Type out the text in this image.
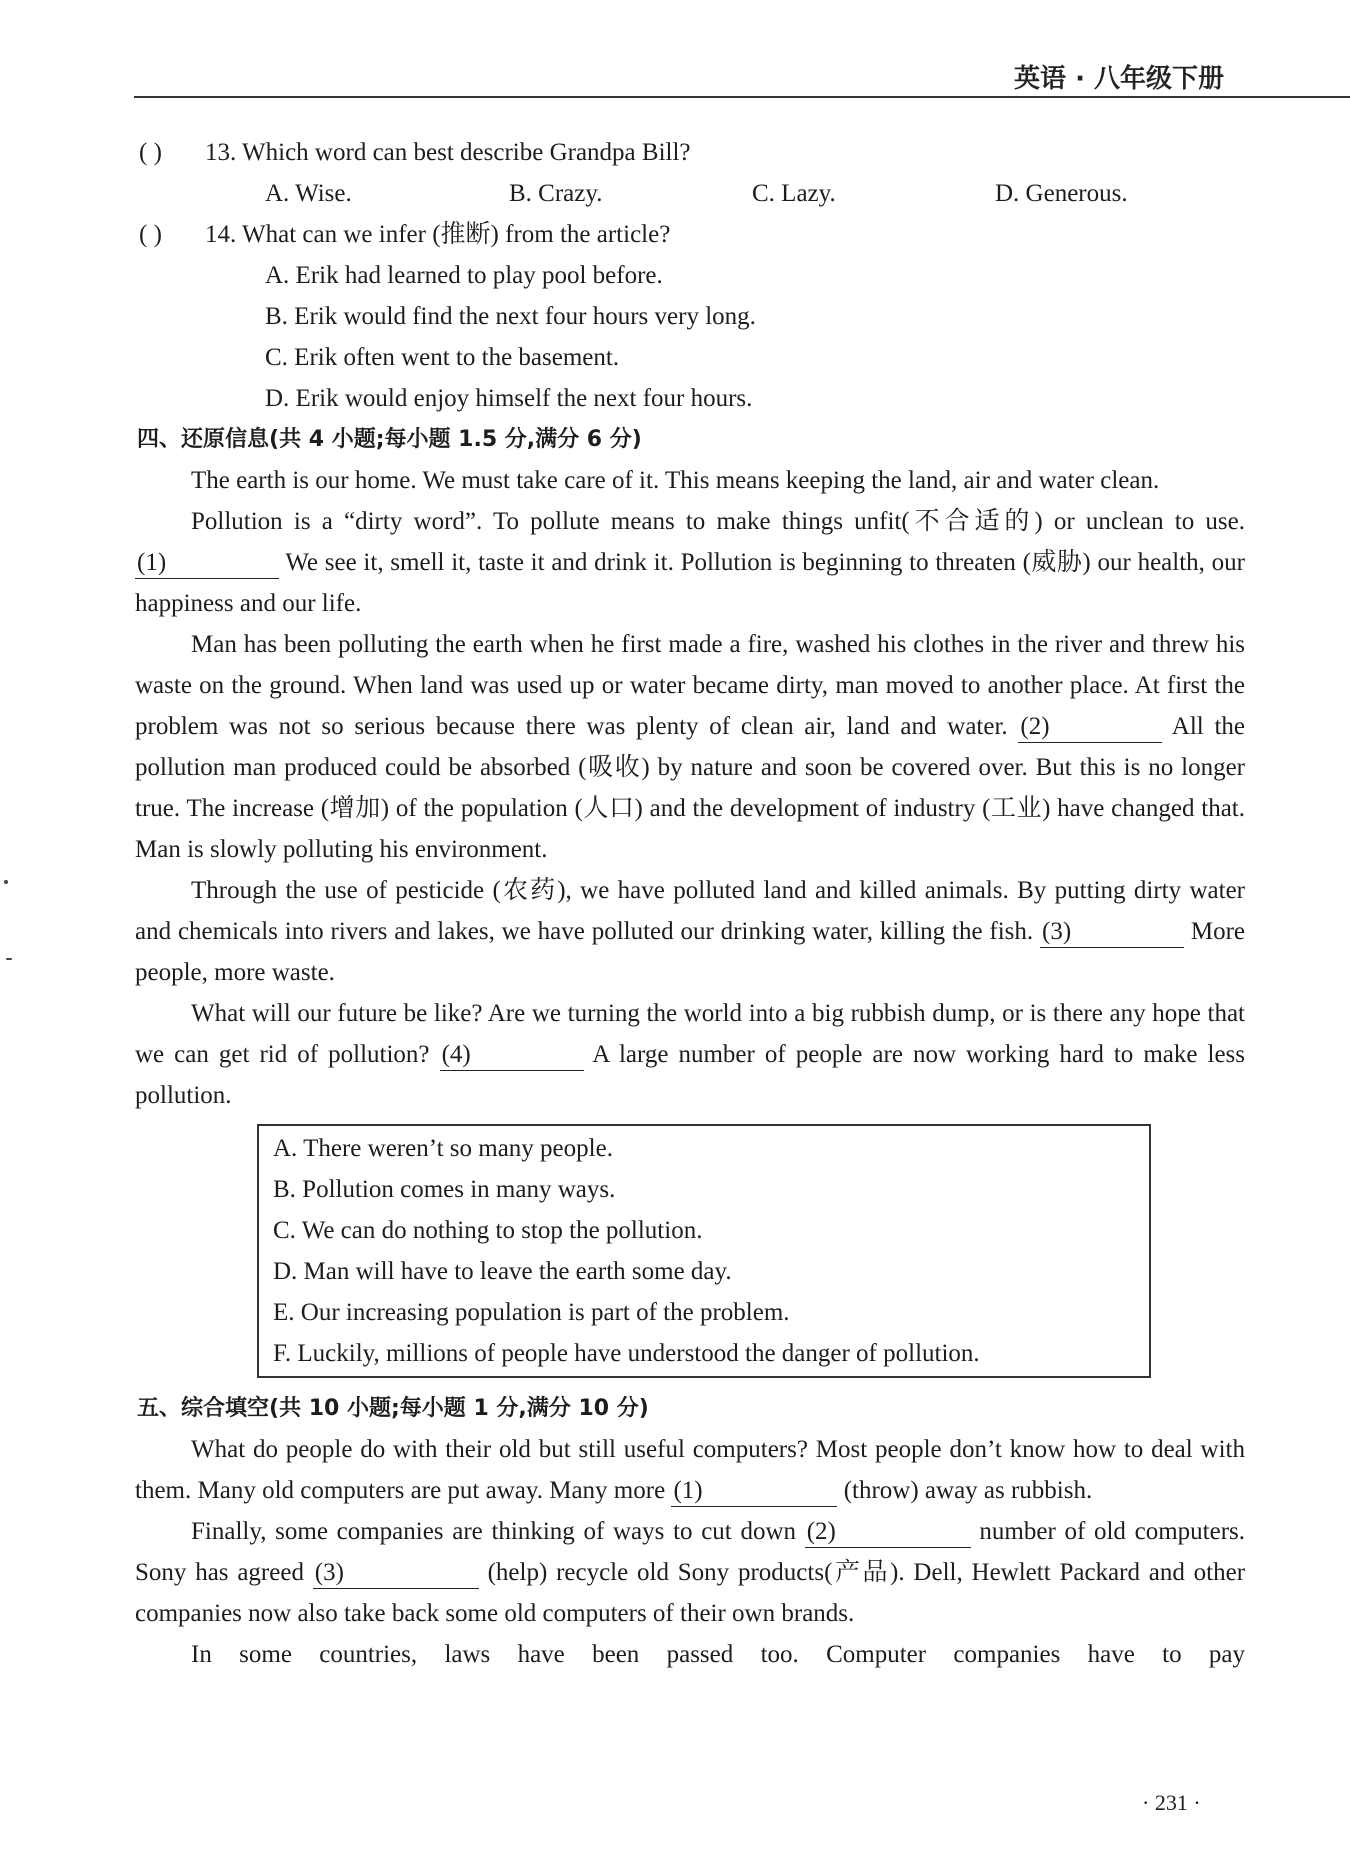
英语 · 八年级下册
( ) 13. Which word can best describe Grandpa Bill?
A. Wise.	B. Crazy.	C. Lazy.	D. Generous.
( ) 14. What can we infer (推断) from the article?
A. Erik had learned to play pool before.
B. Erik would find the next four hours very long.
C. Erik often went to the basement.
D. Erik would enjoy himself the next four hours.
四、还原信息(共 4 小题;每小题 1.5 分,满分 6 分)

The earth is our home. We must take care of it. This means keeping the land, air and water clean.

Pollution is a “dirty word”. To pollute means to make things unfit(不合适的) or unclean to use. (1)	We see it, smell it, taste it and drink it. Pollution is beginning to threaten (威胁) our health, our happiness and our life.

Man has been polluting the earth when he first made a fire, washed his clothes in the river and threw his waste on the ground. When land was used up or water became dirty, man moved to another place. At first the problem was not so serious because there was plenty of clean air, land and water. (2)	All the pollution man produced could be absorbed (吸收) by nature and soon be covered over. But this is no longer true. The increase (增加) of the population (人口) and the development of industry (工业) have changed that. Man is slowly polluting his environment.

Through the use of pesticide (农药), we have polluted land and killed animals. By putting dirty water and chemicals into rivers and lakes, we have polluted our drinking water, killing the fish. (3)	More people, more waste.

What will our future be like? Are we turning the world into a big rubbish dump, or is there any hope that we can get rid of pollution? (4)	A large number of people are now working hard to make less pollution.

A. There weren’t so many people.
B. Pollution comes in many ways.
C. We can do nothing to stop the pollution.
D. Man will have to leave the earth some day.
E. Our increasing population is part of the problem.
F. Luckily, millions of people have understood the danger of pollution.
五、综合填空(共 10 小题;每小题 1 分,满分 10 分)

What do people do with their old but still useful computers? Most people don’t know how to deal with them. Many old computers are put away. Many more (1)	(throw) away as rubbish.

Finally, some companies are thinking of ways to cut down (2)	number of old computers. Sony has agreed (3)	(help) recycle old Sony products(产品). Dell, Hewlett Packard and other companies now also take back some old computers of their own brands.

In some countries, laws have been passed too. Computer companies have to pay

· 231 ·
